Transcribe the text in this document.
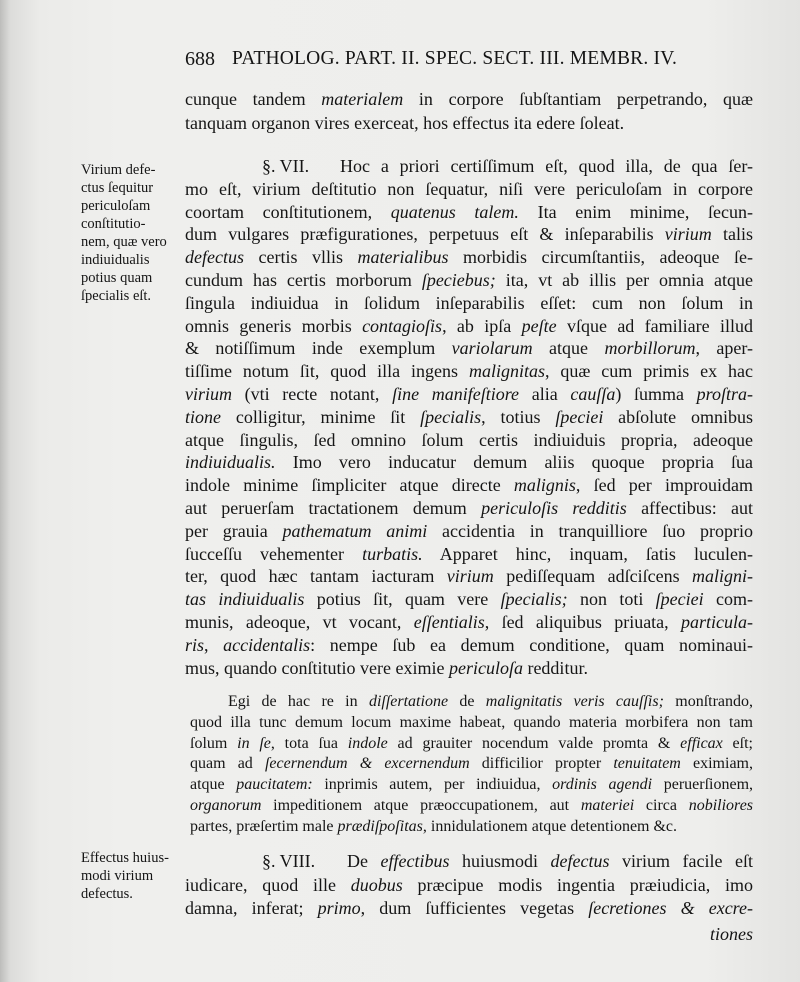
688 PATHOLOG. PART. II. SPEC. SECT. III. MEMBR. IV.
cunque tandem materialem in corpore ſubſtantiam perpetrando, quæ
tanquam organon vires exerceat, hos effectus ita edere ſoleat.
Virium defe-
ctus ſequitur
periculoſam
conſtitutio-
nem, quæ vero
indiuidualis
potius quam
ſpecialis eſt.
§. VII. Hoc a priori certiſſimum eſt, quod illa, de qua ſer-
mo eſt, virium deſtitutio non ſequatur, niſi vere periculoſam in corpore
coortam conſtitutionem, quatenus talem. Ita enim minime, ſecun-
dum vulgares præfigurationes, perpetuus eſt & inſeparabilis virium talis
defectus certis vllis materialibus morbidis circumſtantiis, adeoque ſe-
cundum has certis morborum ſpeciebus; ita, vt ab illis per omnia atque
ſingula indiuidua in ſolidum inſeparabilis eſſet: cum non ſolum in
omnis generis morbis contagioſis, ab ipſa peſte vſque ad familiare illud
& notiſſimum inde exemplum variolarum atque morbillorum, aper-
tiſſime notum ſit, quod illa ingens malignitas, quæ cum primis ex hac
virium (vti recte notant, ſine manifeſtiore alia cauſſa) ſumma proſtra-
tione colligitur, minime ſit ſpecialis, totius ſpeciei abſolute omnibus
atque ſingulis, ſed omnino ſolum certis indiuiduis propria, adeoque
indiuidualis. Imo vero inducatur demum aliis quoque propria ſua
indole minime ſimpliciter atque directe malignis, ſed per improuidam
aut peruerſam tractationem demum periculoſis redditis affectibus: aut
per grauia pathematum animi accidentia in tranquilliore ſuo proprio
ſucceſſu vehementer turbatis. Apparet hinc, inquam, ſatis luculen-
ter, quod hæc tantam iacturam virium pediſſequam adſciſcens maligni-
tas indiuidualis potius ſit, quam vere ſpecialis; non toti ſpeciei com-
munis, adeoque, vt vocant, eſſentialis, ſed aliquibus priuata, particula-
ris, accidentalis: nempe ſub ea demum conditione, quam nominaui-
mus, quando conſtitutio vere eximie periculoſa redditur.
Egi de hac re in diſſertatione de malignitatis veris cauſſis; monſtrando,
quod illa tunc demum locum maxime habeat, quando materia morbifera non tam
ſolum in ſe, tota ſua indole ad grauiter nocendum valde promta & efficax eſt;
quam ad ſecernendum & excernendum difficilior propter tenuitatem eximiam,
atque paucitatem: inprimis autem, per indiuidua, ordinis agendi peruerſionem,
organorum impeditionem atque præoccupationem, aut materiei circa nobiliores
partes, præſertim male prædiſpoſitas, innidulationem atque detentionem &c.
Effectus huius-
modi virium
defectus.
§. VIII. De effectibus huiusmodi defectus virium facile eſt
iudicare, quod ille duobus præcipue modis ingentia præiudicia, imo
damna, inferat; primo, dum ſufficientes vegetas ſecretiones & excre-
tiones
